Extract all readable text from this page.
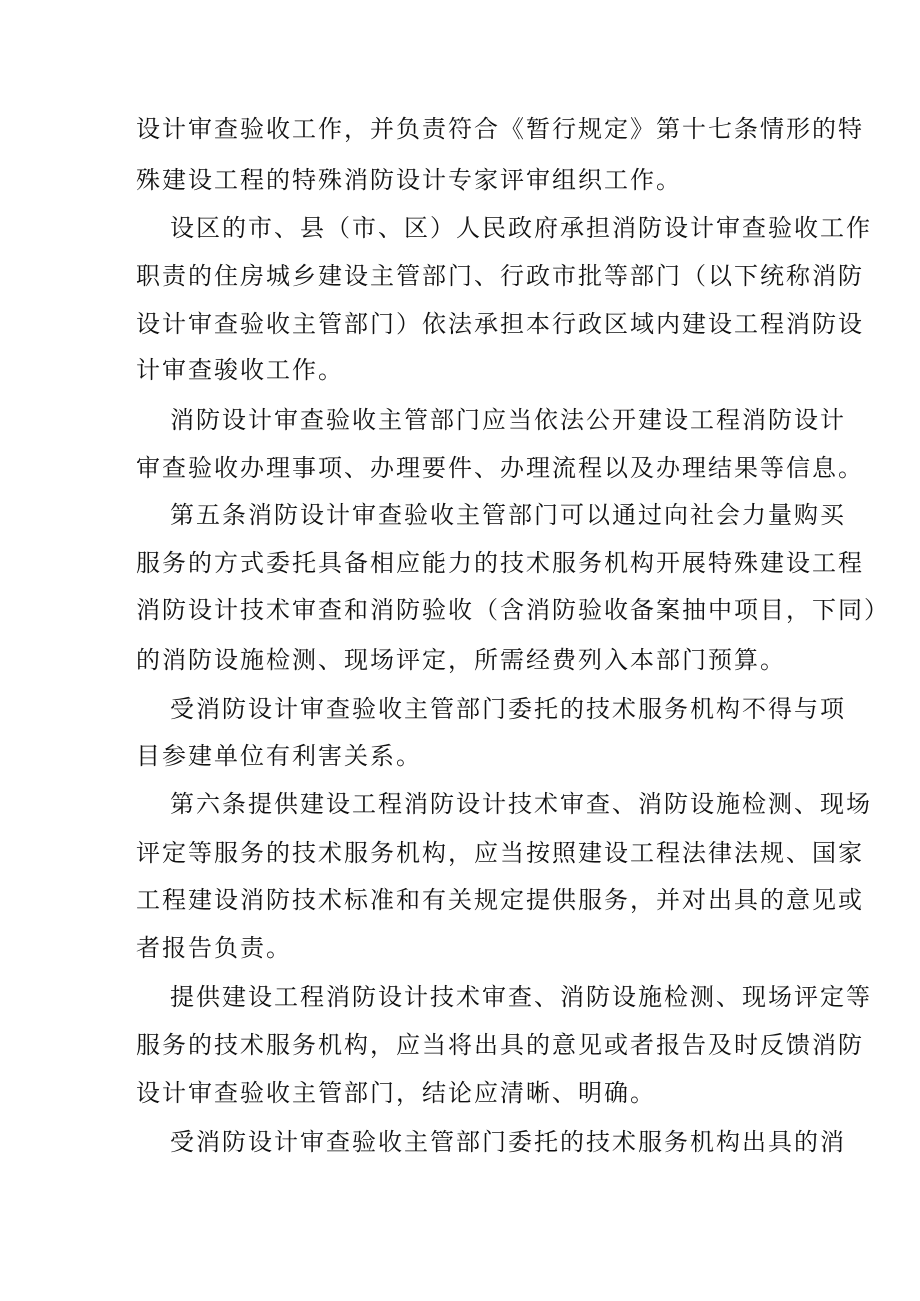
设计审查验收工作，并负责符合《暂行规定》第十七条情形的特
殊建设工程的特殊消防设计专家评审组织工作。
设区的市、县（市、区）人民政府承担消防设计审查验收工作
职责的住房城乡建设主管部门、行政市批等部门（以下统称消防
设计审查验收主管部门）依法承担本行政区域内建设工程消防设
计审查骏收工作。
消防设计审查验收主管部门应当依法公开建设工程消防设计
审查验收办理事项、办理要件、办理流程以及办理结果等信息。
第五条消防设计审查验收主管部门可以通过向社会力量购买
服务的方式委托具备相应能力的技术服务机构开展特殊建设工程
消防设计技术审查和消防验收（含消防验收备案抽中项目，下同）
的消防设施检测、现场评定，所需经费列入本部门预算。
受消防设计审查验收主管部门委托的技术服务机构不得与项
目参建单位有利害关系。
第六条提供建设工程消防设计技术审查、消防设施检测、现场
评定等服务的技术服务机构，应当按照建设工程法律法规、国家
工程建设消防技术标准和有关规定提供服务，并对出具的意见或
者报告负责。
提供建设工程消防设计技术审查、消防设施检测、现场评定等
服务的技术服务机构，应当将出具的意见或者报告及时反馈消防
设计审查验收主管部门，结论应清晰、明确。
受消防设计审查验收主管部门委托的技术服务机构出具的消
